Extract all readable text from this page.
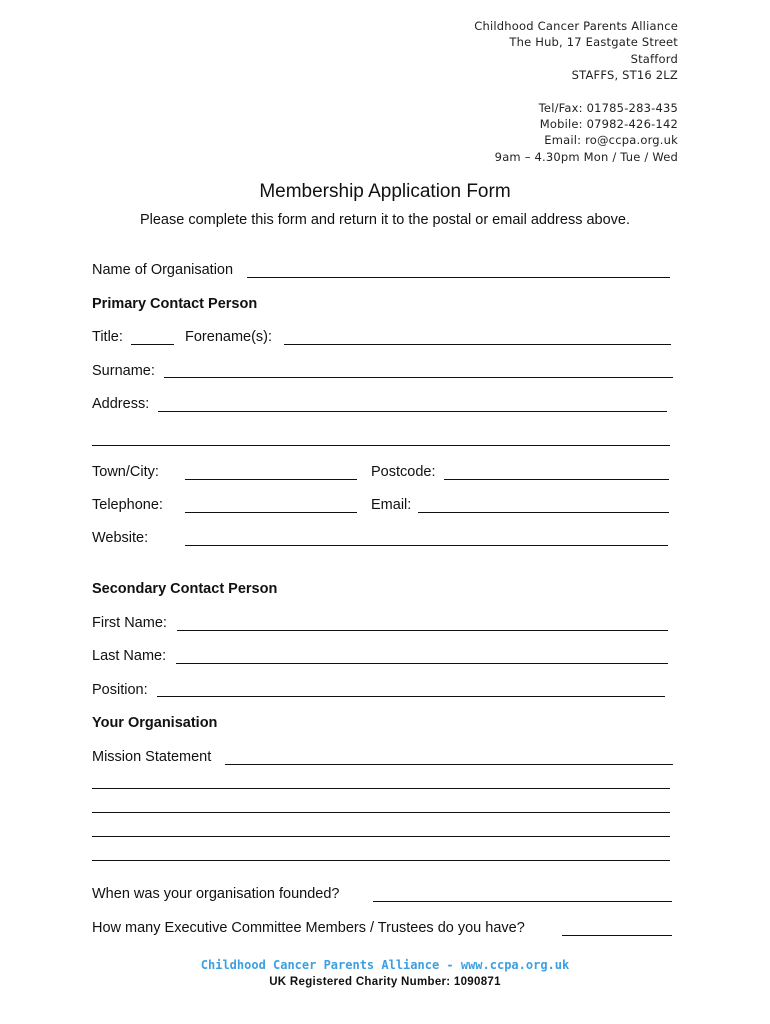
Childhood Cancer Parents Alliance
The Hub, 17 Eastgate Street
Stafford
STAFFS, ST16 2LZ
Tel/Fax: 01785-283-435
Mobile: 07982-426-142
Email: ro@ccpa.org.uk
9am – 4.30pm Mon / Tue / Wed
Membership Application Form
Please complete this form and return it to the postal or email address above.
Name of Organisation
Primary Contact Person
Title:	Forename(s):
Surname:
Address:
Town/City:	Postcode:
Telephone:	Email:
Website:
Secondary Contact Person
First Name:
Last Name:
Position:
Your Organisation
Mission Statement
When was your organisation founded?
How many Executive Committee Members / Trustees do you have?
Childhood Cancer Parents Alliance - www.ccpa.org.uk
UK Registered Charity Number: 1090871
